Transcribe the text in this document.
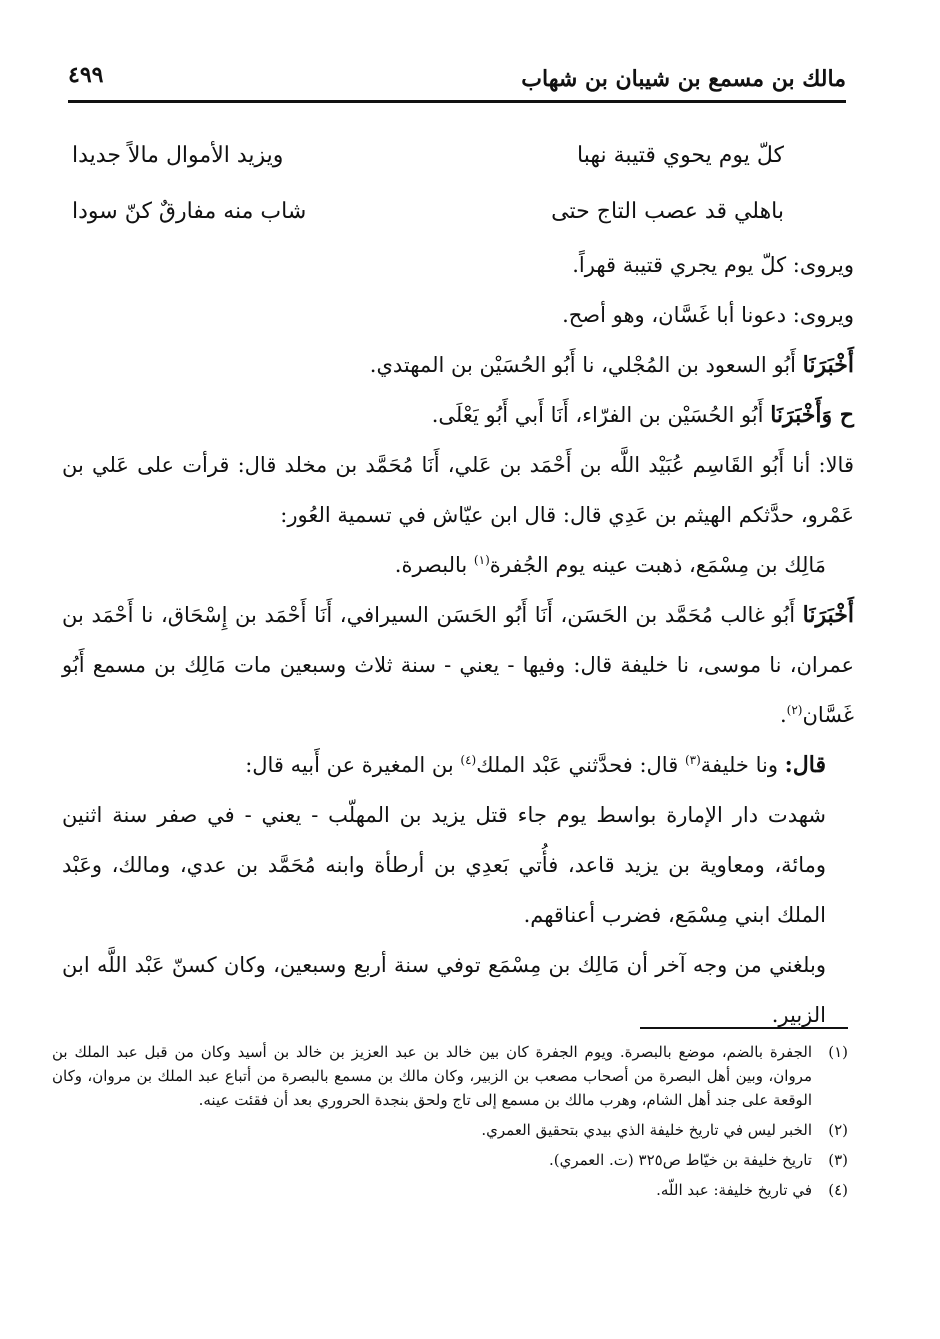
مالك بن مسمع بن شيبان بن شهاب
٤٩٩
كلّ يوم يحوي قتيبة نهبا
ويزيد الأموال مالاً جديدا
باهلي قد عصب التاج حتى
شاب منه مفارقٌ كنّ سودا

ويروى: كلّ يوم يجري قتيبة قهراً.

ويروى: دعونا أبا غَسَّان، وهو أصح.

أَخْبَرَنَا أَبُو السعود بن المُجْلي، نا أَبُو الحُسَيْن بن المهتدي.

ح وَأَخْبَرَنَا أَبُو الحُسَيْن بن الفرّاء، أَنَا أَبي أَبُو يَعْلَى.

قالا: أنا أَبُو القَاسِم عُبَيْد اللَّه بن أَحْمَد بن عَلي، أَنَا مُحَمَّد بن مخلد قال: قرأت على عَلي بن عَمْرو، حدَّثكم الهيثم بن عَدِي قال: قال ابن عيّاش في تسمية العُور:

مَالِك بن مِسْمَع، ذهبت عينه يوم الجُفرة$^{(١)}$ بالبصرة.

أَخْبَرَنَا أَبُو غالب مُحَمَّد بن الحَسَن، أَنَا أَبُو الحَسَن السيرافي، أَنَا أَحْمَد بن إِسْحَاق، نا أَحْمَد بن عمران، نا موسى، نا خليفة قال: وفيها - يعني - سنة ثلاث وسبعين مات مَالِك بن مسمع أَبُو غَسَّان$^{(٢)}$.

قال: ونا خليفة$^{(٣)}$ قال: فحدَّثني عَبْد الملك$^{(٤)}$ بن المغيرة عن أَبيه قال:

شهدت دار الإمارة بواسط يوم جاء قتل يزيد بن المهلّب - يعني - في صفر سنة اثنين ومائة، ومعاوية بن يزيد قاعد، فأُتي بَعدِي بن أرطأة وابنه مُحَمَّد بن عدي، ومالك، وعَبْد الملك ابني مِسْمَع، فضرب أعناقهم.

وبلغني من وجه آخر أن مَالِك بن مِسْمَع توفي سنة أربع وسبعين، وكان كسنّ عَبْد اللَّه ابن الزبير.

(١)
الجفرة بالضم، موضع بالبصرة. ويوم الجفرة كان بين خالد بن عبد العزيز بن خالد بن أسيد وكان من قبل عبد الملك بن مروان، وبين أهل البصرة من أصحاب مصعب بن الزبير، وكان مالك بن مسمع بالبصرة من أتباع عبد الملك بن مروان، وكان الوقعة على جند أهل الشام، وهرب مالك بن مسمع إلى تاج ولحق بنجدة الحروري بعد أن فقئت عينه.
(٢)
الخبر ليس في تاريخ خليفة الذي بيدي بتحقيق العمري.
(٣)
تاريخ خليفة بن خيّاط ص٣٢٥ (ت. العمري).
(٤)
في تاريخ خليفة: عبد اللّه.
